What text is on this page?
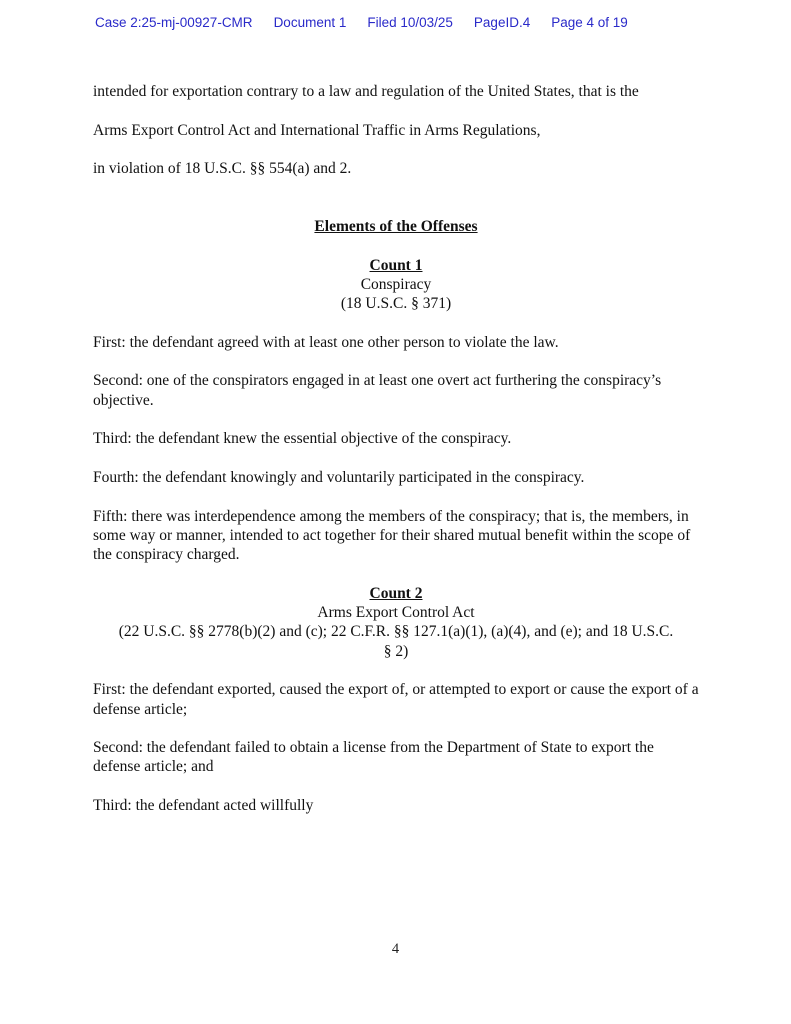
Case 2:25-mj-00927-CMR Document 1 Filed 10/03/25 PageID.4 Page 4 of 19

intended for exportation contrary to a law and regulation of the United States, that is the

Arms Export Control Act and International Traffic in Arms Regulations,

in violation of 18 U.S.C. §§ 554(a) and 2.

Elements of the Offenses
Count 1
Conspiracy
(18 U.S.C. § 371)

First: the defendant agreed with at least one other person to violate the law.

Second: one of the conspirators engaged in at least one overt act furthering the conspiracy’s objective.

Third: the defendant knew the essential objective of the conspiracy.

Fourth: the defendant knowingly and voluntarily participated in the conspiracy.

Fifth: there was interdependence among the members of the conspiracy; that is, the members, in some way or manner, intended to act together for their shared mutual benefit within the scope of the conspiracy charged.

Count 2
Arms Export Control Act
(22 U.S.C. §§ 2778(b)(2) and (c); 22 C.F.R. §§ 127.1(a)(1), (a)(4), and (e); and 18 U.S.C.
§ 2)

First: the defendant exported, caused the export of, or attempted to export or cause the export of a defense article;

Second: the defendant failed to obtain a license from the Department of State to export the defense article; and

Third: the defendant acted willfully

4
